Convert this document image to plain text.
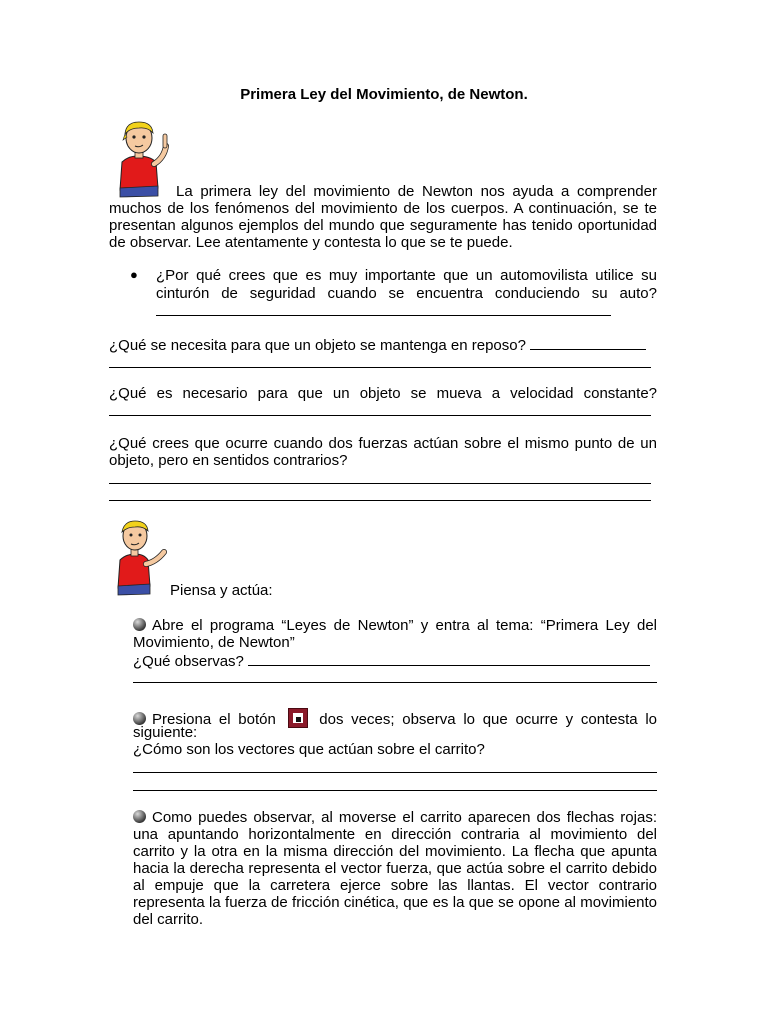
Primera Ley del Movimiento, de Newton.
La primera ley del movimiento de Newton nos ayuda a comprender
muchos de los fenómenos del movimiento de los cuerpos. A continuación, se te presentan algunos ejemplos del mundo que seguramente has tenido oportunidad de observar. Lee atentamente y contesta lo que se te puede.
● ¿Por qué crees que es muy importante que un automovilista utilice su
cinturón de seguridad cuando se encuentra conduciendo su auto?
¿Qué se necesita para que un objeto se mantenga en reposo?
¿Qué es necesario para que un objeto se mueva a velocidad constante?
¿Qué crees que ocurre cuando dos fuerzas actúan sobre el mismo punto de un
objeto, pero en sentidos contrarios?
Piensa y actúa:
Abre el programa “Leyes de Newton” y entra al tema: “Primera Ley del
Movimiento, de Newton”
¿Qué observas?
Presiona el botón	dos veces; observa lo que ocurre y contesta lo
siguiente:
¿Cómo son los vectores que actúan sobre el carrito?
Como puedes observar, al moverse el carrito aparecen dos flechas rojas: una apuntando horizontalmente en dirección contraria al movimiento del carrito y la otra en la misma dirección del movimiento. La flecha que apunta hacia la derecha representa el vector fuerza, que actúa sobre el carrito debido al empuje que la carretera ejerce sobre las llantas. El vector contrario representa la fuerza de fricción cinética, que es la que se opone al movimiento del carrito.
